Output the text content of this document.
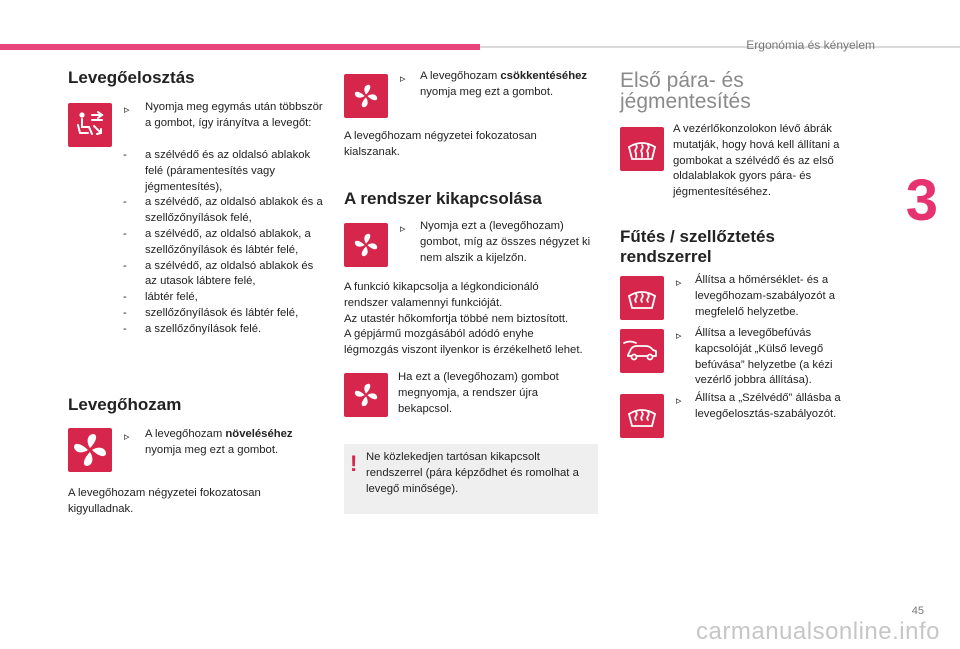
Ergonómia és kényelem
3
Levegőelosztás
▹ Nyomja meg egymás után többször a gombot, így irányítva a levegőt:
- a szélvédő és az oldalsó ablakok felé (páramentesítés vagy jégmentesítés),
- a szélvédő, az oldalsó ablakok és a szellőzőnyílások felé,
- a szélvédő, az oldalsó ablakok, a szellőzőnyílások és lábtér felé,
- a szélvédő, az oldalsó ablakok és az utasok lábtere felé,
- lábtér felé,
- szellőzőnyílások és lábtér felé,
- a szellőzőnyílások felé.
Levegőhozam
▹ A levegőhozam növeléséhez nyomja meg ezt a gombot.
A levegőhozam négyzetei fokozatosan
kigyulladnak.
▹ A levegőhozam csökkentéséhez nyomja meg ezt a gombot.
A levegőhozam négyzetei fokozatosan
kialszanak.
A rendszer kikapcsolása
▹ Nyomja ezt a (levegőhozam) gombot, míg az összes négyzet ki nem alszik a kijelzőn.
A funkció kikapcsolja a légkondicionáló
rendszer valamennyi funkcióját.
Az utastér hőkomfortja többé nem biztosított.
A gépjármű mozgásából adódó enyhe
légmozgás viszont ilyenkor is érzékelhető lehet.
Ha ezt a (levegőhozam) gombot megnyomja, a rendszer újra bekapcsol.
! Ne közlekedjen tartósan kikapcsolt rendszerrel (pára képződhet és romolhat a levegő minősége).
Első pára- és
jégmentesítés
A vezérlőkonzolokon lévő ábrák mutatják, hogy hová kell állítani a gombokat a szélvédő és az első oldalablakok gyors pára- és jégmentesítéséhez.
Fűtés / szellőztetés
rendszerrel
▹ Állítsa a hőmérséklet- és a levegőhozam-szabályozót a megfelelő helyzetbe.
▹ Állítsa a levegőbefúvás kapcsolóját „Külső levegő befúvása” helyzetbe (a kézi vezérlő jobbra állítása).
▹ Állítsa a „Szélvédő” állásba a levegőelosztás-szabályozót.
45
carmanualsonline.info
